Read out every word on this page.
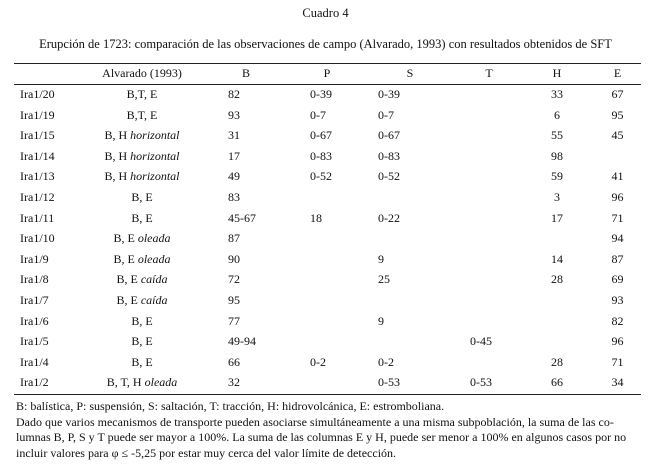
Cuadro 4
Erupción de 1723: comparación de las observaciones de campo (Alvarado, 1993) con resultados obtenidos de SFT
	Alvarado (1993)	B	P	S	T	H	E
Ira1/20	B,T, E	82	0-39	0-39		33	67
Ira1/19	B,T, E	93	0-7	0-7		6	95
Ira1/15	B, H horizontal	31	0-67	0-67		55	45
Ira1/14	B, H horizontal	17	0-83	0-83		98	
Ira1/13	B, H horizontal	49	0-52	0-52		59	41
Ira1/12	B, E	83				3	96
Ira1/11	B, E	45-67	18	0-22		17	71
Ira1/10	B, E oleada	87					94
Ira1/9	B, E oleada	90		9		14	87
Ira1/8	B, E caída	72		25		28	69
Ira1/7	B, E caída	95					93
Ira1/6	B, E	77		9			82
Ira1/5	B, E	49-94			0-45		96
Ira1/4	B, E	66	0-2	0-2		28	71
Ira1/2	B, T, H oleada	32		0-53	0-53	66	34

B: balística, P: suspensión, S: saltación, T: tracción, H: hidrovolcánica, E: estromboliana.

Dado que varios mecanismos de transporte pueden asociarse simultáneamente a una misma subpoblación, la suma de las co-

lumnas B, P, S y T puede ser mayor a 100%. La suma de las columnas E y H, puede ser menor a 100% en algunos casos por no

incluir valores para φ ≤ -5,25 por estar muy cerca del valor límite de detección.
